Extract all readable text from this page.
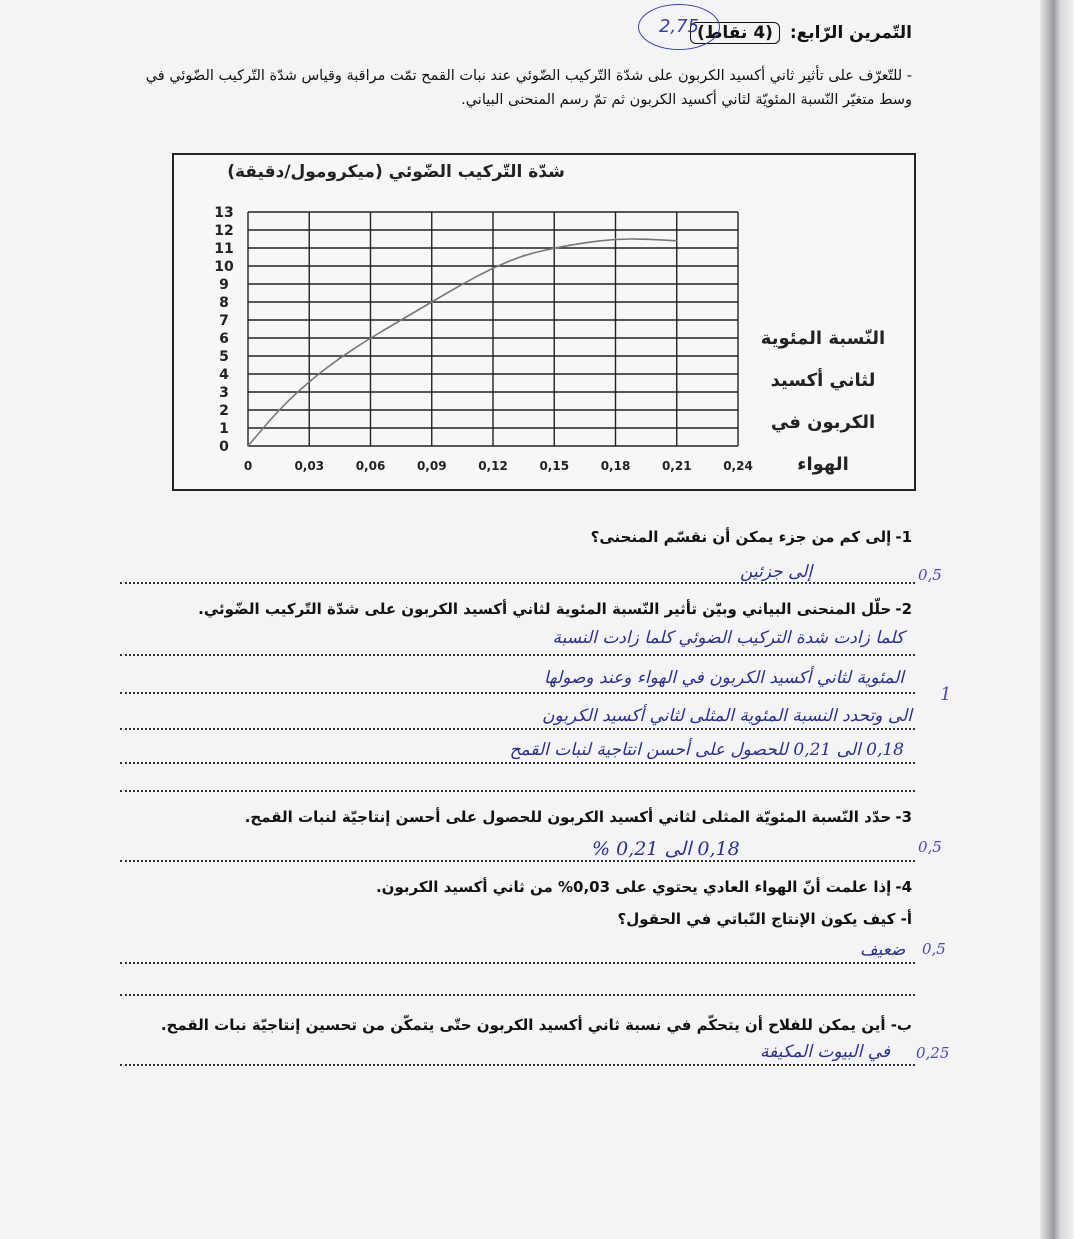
التّمرين الرّابع: (4 نقاط)
2,75
- للتّعرّف على تأثير ثاني أكسيد الكربون على شدّة التّركيب الضّوئي عند نبات القمح تمّت مراقبة وقياس شدّة التّركيب الضّوئي في وسط متغيّر النّسبة المئويّة لثاني أكسيد الكربون ثم تمّ رسم المنحنى البياني.
شدّة التّركيب الضّوئي (ميكرومول/دقيقة)
0
1
2
3
4
5
6
7
8
9
10
11
12
13
0	0,03	0,06	0,09	0,12	0,15	0,18	0,21	0,24
النّسبة المئوية
لثاني أكسيد
الكربون في
الهواء
1-إلى كم من جزء يمكن أن نقسّم المنحنى؟
إلى جزئين	0,5
2-حلّل المنحنى البياني وبيّن تأثير النّسبة المئوية لثاني أكسيد الكربون على شدّة التّركيب الضّوئي.
كلما زادت شدة التركيب الضوئي كلما زادت النسبة
المئوية لثاني أكسيد الكربون في الهواء وعند وصولها
الى وتحدد النسبة المئوية المثلى لثاني أكسيد الكربون
0,18 الى 0,21 للحصول على أحسن انتاجية لنبات القمح
1
3-حدّد النّسبة المئويّة المثلى لثاني أكسيد الكربون للحصول على أحسن إنتاجيّة لنبات القمح.
0,18 الى 0,21 %	0,5
4-إذا علمت أنّ الهواء العادي يحتوي على 0,03% من ثاني أكسيد الكربون.
أ- كيف يكون الإنتاج النّباتي في الحقول؟
ضعيف 0,5
ب- أين يمكن للفلاح أن يتحكّم في نسبة ثاني أكسيد الكربون حتّى يتمكّن من تحسين إنتاجيّة نبات القمح.
في البيوت المكيفة 0,25
